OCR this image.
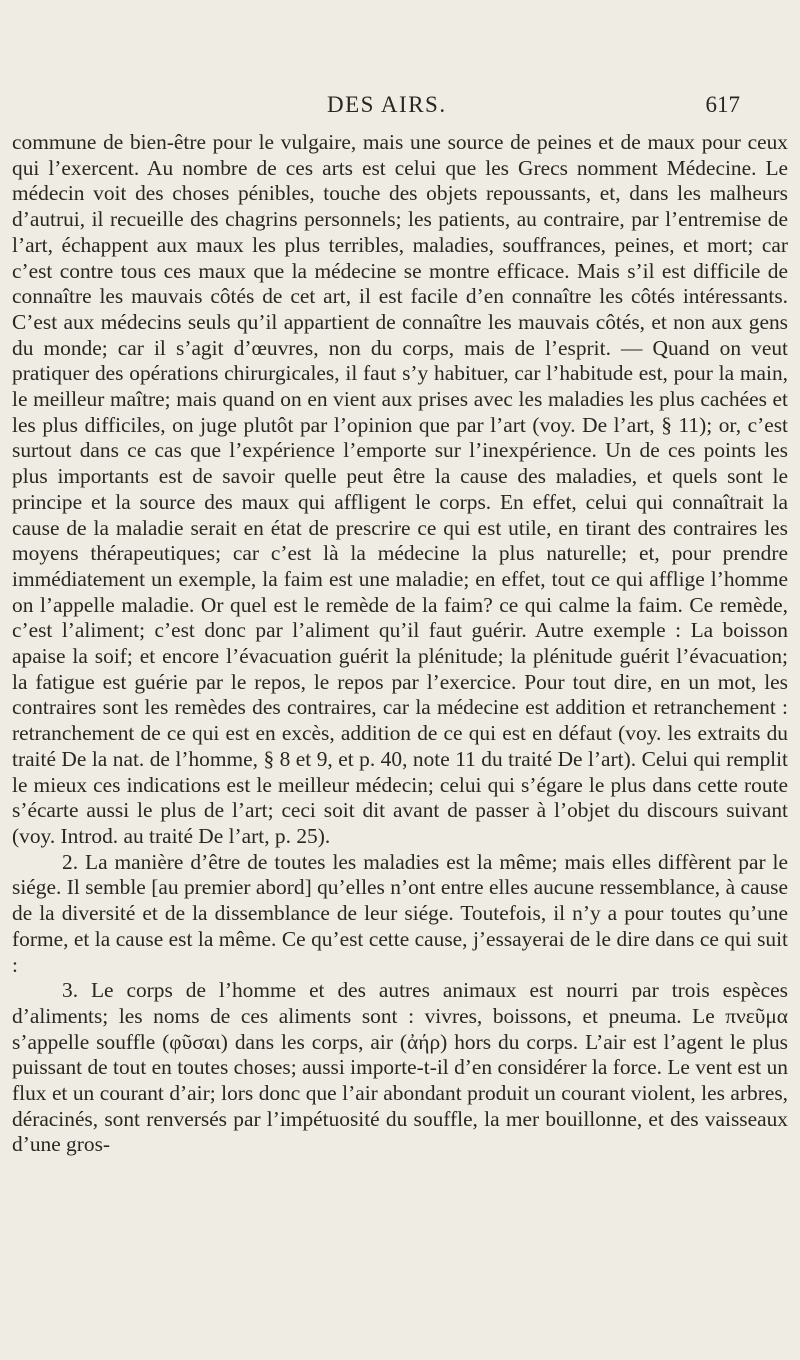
DES AIRS.	617

commune de bien-être pour le vulgaire, mais une source de peines et de maux pour ceux qui l’exercent. Au nombre de ces arts est celui que les Grecs nomment Médecine. Le médecin voit des choses pénibles, touche des objets repoussants, et, dans les malheurs d’autrui, il recueille des chagrins personnels; les patients, au contraire, par l’entremise de l’art, échappent aux maux les plus terribles, maladies, souffrances, peines, et mort; car c’est contre tous ces maux que la médecine se montre efficace. Mais s’il est difficile de connaître les mauvais côtés de cet art, il est facile d’en connaître les côtés intéressants. C’est aux médecins seuls qu’il appartient de connaître les mauvais côtés, et non aux gens du monde; car il s’agit d’œuvres, non du corps, mais de l’esprit. — Quand on veut pratiquer des opérations chirurgicales, il faut s’y habituer, car l’habitude est, pour la main, le meilleur maître; mais quand on en vient aux prises avec les maladies les plus cachées et les plus difficiles, on juge plutôt par l’opinion que par l’art (voy. De l’art, § 11); or, c’est surtout dans ce cas que l’expérience l’emporte sur l’inexpérience. Un de ces points les plus importants est de savoir quelle peut être la cause des maladies, et quels sont le principe et la source des maux qui affligent le corps. En effet, celui qui connaîtrait la cause de la maladie serait en état de prescrire ce qui est utile, en tirant des contraires les moyens thérapeutiques; car c’est là la médecine la plus naturelle; et, pour prendre immédiatement un exemple, la faim est une maladie; en effet, tout ce qui afflige l’homme on l’appelle maladie. Or quel est le remède de la faim? ce qui calme la faim. Ce remède, c’est l’aliment; c’est donc par l’aliment qu’il faut guérir. Autre exemple : La boisson apaise la soif; et encore l’évacuation guérit la plénitude; la plénitude guérit l’évacuation; la fatigue est guérie par le repos, le repos par l’exercice. Pour tout dire, en un mot, les contraires sont les remèdes des contraires, car la médecine est addition et retranchement : retranchement de ce qui est en excès, addition de ce qui est en défaut (voy. les extraits du traité De la nat. de l’homme, § 8 et 9, et p. 40, note 11 du traité De l’art). Celui qui remplit le mieux ces indications est le meilleur médecin; celui qui s’égare le plus dans cette route s’écarte aussi le plus de l’art; ceci soit dit avant de passer à l’objet du discours suivant (voy. Introd. au traité De l’art, p. 25).

2. La manière d’être de toutes les maladies est la même; mais elles diffèrent par le siége. Il semble [au premier abord] qu’elles n’ont entre elles aucune ressemblance, à cause de la diversité et de la dissemblance de leur siége. Toutefois, il n’y a pour toutes qu’une forme, et la cause est la même. Ce qu’est cette cause, j’essayerai de le dire dans ce qui suit :

3. Le corps de l’homme et des autres animaux est nourri par trois espèces d’aliments; les noms de ces aliments sont : vivres, boissons, et pneuma. Le πνεῦμα s’appelle souffle (φῦσαι) dans les corps, air (ἀήρ) hors du corps. L’air est l’agent le plus puissant de tout en toutes choses; aussi importe-t-il d’en considérer la force. Le vent est un flux et un courant d’air; lors donc que l’air abondant produit un courant violent, les arbres, déracinés, sont renversés par l’impétuosité du souffle, la mer bouillonne, et des vaisseaux d’une gros-
